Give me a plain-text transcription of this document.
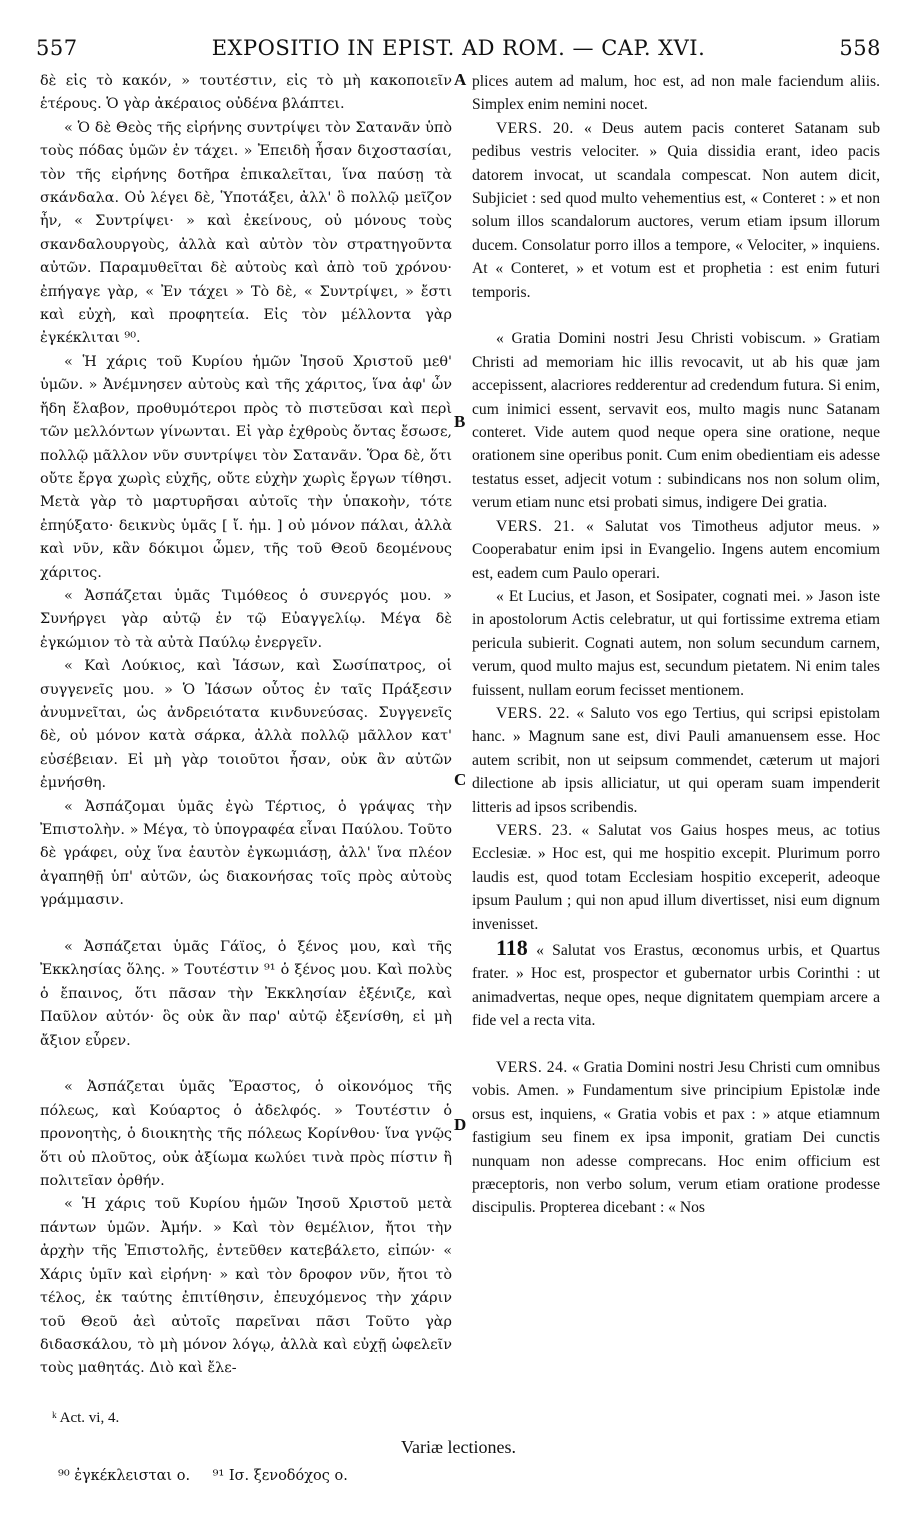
557	EXPOSITIO IN EPIST. AD ROM. — CAP. XVI.	558

δὲ εἰς τὸ κακόν, » τουτέστιν, εἰς τὸ μὴ κακοποιεῖν ἑτέρους. Ὁ γὰρ ἀκέραιος οὐδένα βλάπτει.

« Ὁ δὲ Θεὸς τῆς εἰρήνης συντρίψει τὸν Σατανᾶν ὑπὸ τοὺς πόδας ὑμῶν ἐν τάχει. » Ἐπειδὴ ἦσαν διχοστασίαι, τὸν τῆς εἰρήνης δοτῆρα ἐπικαλεῖται, ἵνα παύσῃ τὰ σκάνδαλα. Οὐ λέγει δὲ, Ὑποτάξει, ἀλλ' ὃ πολλῷ μεῖζον ἦν, « Συντρίψει· » καὶ ἐκείνους, οὐ μόνους τοὺς σκανδαλουργοὺς, ἀλλὰ καὶ αὐτὸν τὸν στρατηγοῦντα αὐτῶν. Παραμυθεῖται δὲ αὐτοὺς καὶ ἀπὸ τοῦ χρόνου· ἐπήγαγε γὰρ, « Ἐν τάχει » Τὸ δὲ, « Συντρίψει, » ἔστι καὶ εὐχὴ, καὶ προφητεία. Εἰς τὸν μέλλοντα γὰρ ἐγκέκλιται ⁹⁰.

« Ἡ χάρις τοῦ Κυρίου ἡμῶν Ἰησοῦ Χριστοῦ μεθ' ὑμῶν. » Ἀνέμνησεν αὐτοὺς καὶ τῆς χάριτος, ἵνα ἀφ' ὧν ἤδη ἔλαβον, προθυμότεροι πρὸς τὸ πιστεῦσαι καὶ περὶ τῶν μελλόντων γίνωνται. Εἰ γὰρ ἐχθροὺς ὄντας ἔσωσε, πολλῷ μᾶλλον νῦν συντρίψει τὸν Σατανᾶν. Ὅρα δὲ, ὅτι οὔτε ἔργα χωρὶς εὐχῆς, οὔτε εὐχὴν χωρὶς ἔργων τίθησι. Μετὰ γὰρ τὸ μαρτυρῆσαι αὐτοῖς τὴν ὑπακοὴν, τότε ἐπηύξατο· δεικνὺς ὑμᾶς [ ἴ. ἡμ. ] οὐ μόνον πάλαι, ἀλλὰ καὶ νῦν, κἂν δόκιμοι ὦμεν, τῆς τοῦ Θεοῦ δεομένους χάριτος.

« Ἀσπάζεται ὑμᾶς Τιμόθεος ὁ συνεργός μου. » Συνήργει γὰρ αὐτῷ ἐν τῷ Εὐαγγελίῳ. Μέγα δὲ ἐγκώμιον τὸ τὰ αὐτὰ Παύλῳ ἐνεργεῖν.

« Καὶ Λούκιος, καὶ Ἰάσων, καὶ Σωσίπατρος, οἱ συγγενεῖς μου. » Ὁ Ἰάσων οὗτος ἐν ταῖς Πράξεσιν ἀνυμνεῖται, ὡς ἀνδρειότατα κινδυνεύσας. Συγγενεῖς δὲ, οὐ μόνον κατὰ σάρκα, ἀλλὰ πολλῷ μᾶλλον κατ' εὐσέβειαν. Εἰ μὴ γὰρ τοιοῦτοι ἦσαν, οὐκ ἂν αὐτῶν ἐμνήσθη.

« Ἀσπάζομαι ὑμᾶς ἐγὼ Τέρτιος, ὁ γράψας τὴν Ἐπιστολὴν. » Μέγα, τὸ ὑπογραφέα εἶναι Παύλου. Τοῦτο δὲ γράφει, οὐχ ἵνα ἑαυτὸν ἐγκωμιάσῃ, ἀλλ' ἵνα πλέον ἀγαπηθῇ ὑπ' αὐτῶν, ὡς διακονήσας τοῖς πρὸς αὐτοὺς γράμμασιν.

« Ἀσπάζεται ὑμᾶς Γάϊος, ὁ ξένος μου, καὶ τῆς Ἐκκλησίας ὅλης. » Τουτέστιν ⁹¹ ὁ ξένος μου. Καὶ πολὺς ὁ ἔπαινος, ὅτι πᾶσαν τὴν Ἐκκλησίαν ἐξένιζε, καὶ Παῦλον αὐτόν· ὃς οὐκ ἂν παρ' αὐτῷ ἐξενίσθη, εἰ μὴ ἄξιον εὗρεν.

« Ἀσπάζεται ὑμᾶς Ἔραστος, ὁ οἰκονόμος τῆς πόλεως, καὶ Κούαρτος ὁ ἀδελφός. » Τουτέστιν ὁ προνοητὴς, ὁ διοικητὴς τῆς πόλεως Κορίνθου· ἵνα γνῷς ὅτι οὐ πλοῦτος, οὐκ ἀξίωμα κωλύει τινὰ πρὸς πίστιν ἢ πολιτεῖαν ὀρθήν.

« Ἡ χάρις τοῦ Κυρίου ἡμῶν Ἰησοῦ Χριστοῦ μετὰ πάντων ὑμῶν. Ἀμήν. » Καὶ τὸν θεμέλιον, ἤτοι τὴν ἀρχὴν τῆς Ἐπιστολῆς, ἐντεῦθεν κατεβάλετο, εἰπών· « Χάρις ὑμῖν καὶ εἰρήνη· » καὶ τὸν δροφον νῦν, ἤτοι τὸ τέλος, ἐκ ταύτης ἐπιτίθησιν, ἐπευχόμενος τὴν χάριν τοῦ Θεοῦ ἀεὶ αὐτοῖς παρεῖναι πᾶσι Τοῦτο γὰρ διδασκάλου, τὸ μὴ μόνον λόγῳ, ἀλλὰ καὶ εὐχῇ ὠφελεῖν τοὺς μαθητάς. Διὸ καὶ ἔλε-

A
B
C
D

plices autem ad malum, hoc est, ad non male faciendum aliis. Simplex enim nemini nocet.

VERS. 20. « Deus autem pacis conteret Satanam sub pedibus vestris velociter. » Quia dissidia erant, ideo pacis datorem invocat, ut scandala compescat. Non autem dicit, Subjiciet : sed quod multo vehementius est, « Conteret : » et non solum illos scandalorum auctores, verum etiam ipsum illorum ducem. Consolatur porro illos a tempore, « Velociter, » inquiens. At « Conteret, » et votum est et prophetia : est enim futuri temporis.

« Gratia Domini nostri Jesu Christi vobiscum. » Gratiam Christi ad memoriam hic illis revocavit, ut ab his quæ jam accepissent, alacriores redderentur ad credendum futura. Si enim, cum inimici essent, servavit eos, multo magis nunc Satanam conteret. Vide autem quod neque opera sine oratione, neque orationem sine operibus ponit. Cum enim obedientiam eis adesse testatus esset, adjecit votum : subindicans nos non solum olim, verum etiam nunc etsi probati simus, indigere Dei gratia.

VERS. 21. « Salutat vos Timotheus adjutor meus. » Cooperabatur enim ipsi in Evangelio. Ingens autem encomium est, eadem cum Paulo operari.

« Et Lucius, et Jason, et Sosipater, cognati mei. » Jason iste in apostolorum Actis celebratur, ut qui fortissime extrema etiam pericula subierit. Cognati autem, non solum secundum carnem, verum, quod multo majus est, secundum pietatem. Ni enim tales fuissent, nullam eorum fecisset mentionem.

VERS. 22. « Saluto vos ego Tertius, qui scripsi epistolam hanc. » Magnum sane est, divi Pauli amanuensem esse. Hoc autem scribit, non ut seipsum commendet, cæterum ut majori dilectione ab ipsis alliciatur, ut qui operam suam impenderit litteris ad ipsos scribendis.

VERS. 23. « Salutat vos Gaius hospes meus, ac totius Ecclesiæ. » Hoc est, qui me hospitio excepit. Plurimum porro laudis est, quod totam Ecclesiam hospitio exceperit, adeoque ipsum Paulum ; qui non apud illum divertisset, nisi eum dignum invenisset.

118 « Salutat vos Erastus, œconomus urbis, et Quartus frater. » Hoc est, prospector et gubernator urbis Corinthi : ut animadvertas, neque opes, neque dignitatem quempiam arcere a fide vel a recta vita.

VERS. 24. « Gratia Domini nostri Jesu Christi cum omnibus vobis. Amen. » Fundamentum sive principium Epistolæ inde orsus est, inquiens, « Gratia vobis et pax : » atque etiamnum fastigium seu finem ex ipsa imponit, gratiam Dei cunctis nunquam non adesse comprecans. Hoc enim officium est præceptoris, non verbo solum, verum etiam oratione prodesse discipulis. Propterea dicebant : « Nos

ᵏ Act. vi, 4.
Variæ lectiones.
⁹⁰ ἐγκέκλεισται ο. ⁹¹ Ισ. ξενοδόχος ο.
